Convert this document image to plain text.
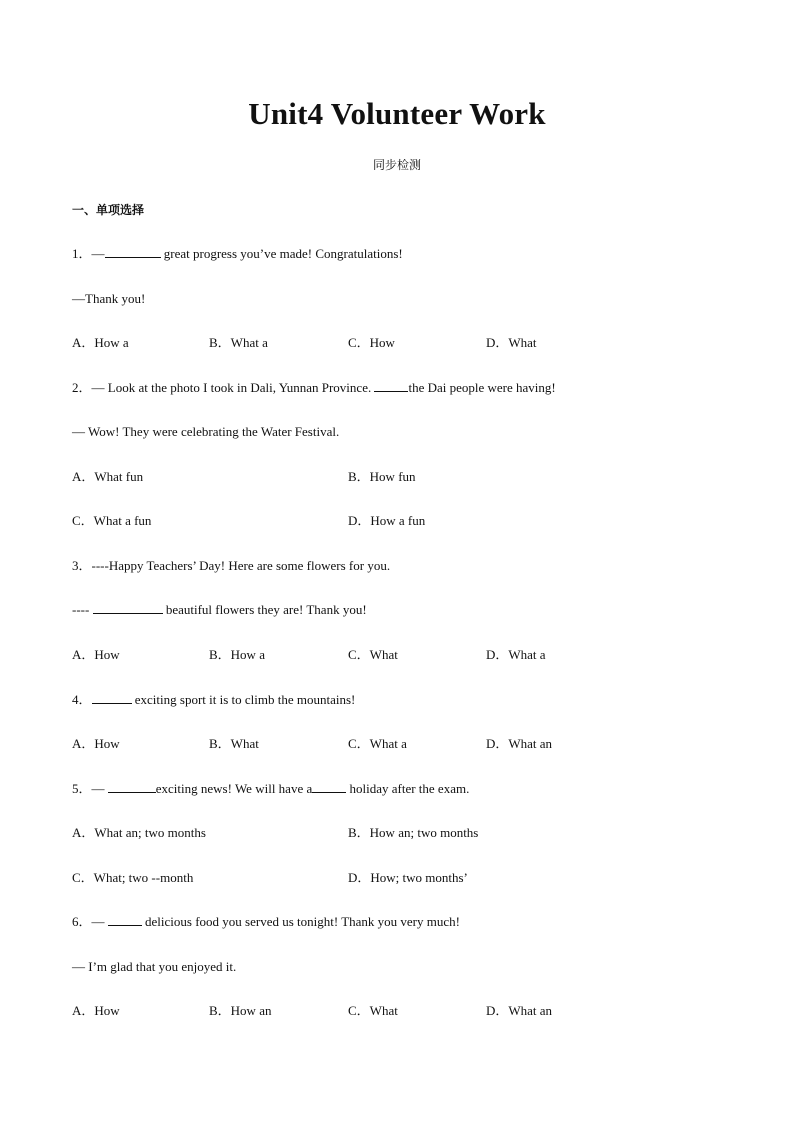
Unit4 Volunteer Work
同步检测
一、单项选择
1．—	great progress you’ve made! Congratulations!
—Thank you!
A．How a	B．What a	C．How	D．What
2．— Look at the photo I took in Dali, Yunnan Province.	the Dai people were having!
— Wow! They were celebrating the Water Festival.
A．What fun	B．How fun
C．What a fun	D．How a fun
3．----Happy Teachers’ Day! Here are some flowers for you.
----	beautiful flowers they are! Thank you!
A．How	B．How a	C．What	D．What a
4．	exciting sport it is to climb the mountains!
A．How	B．What	C．What a	D．What an
5．—	exciting news! We will have a	holiday after the exam.
A．What an; two months	B．How an; two months
C．What; two --month	D．How; two months’
6．—	delicious food you served us tonight! Thank you very much!
— I’m glad that you enjoyed it.
A．How	B．How an	C．What	D．What an
